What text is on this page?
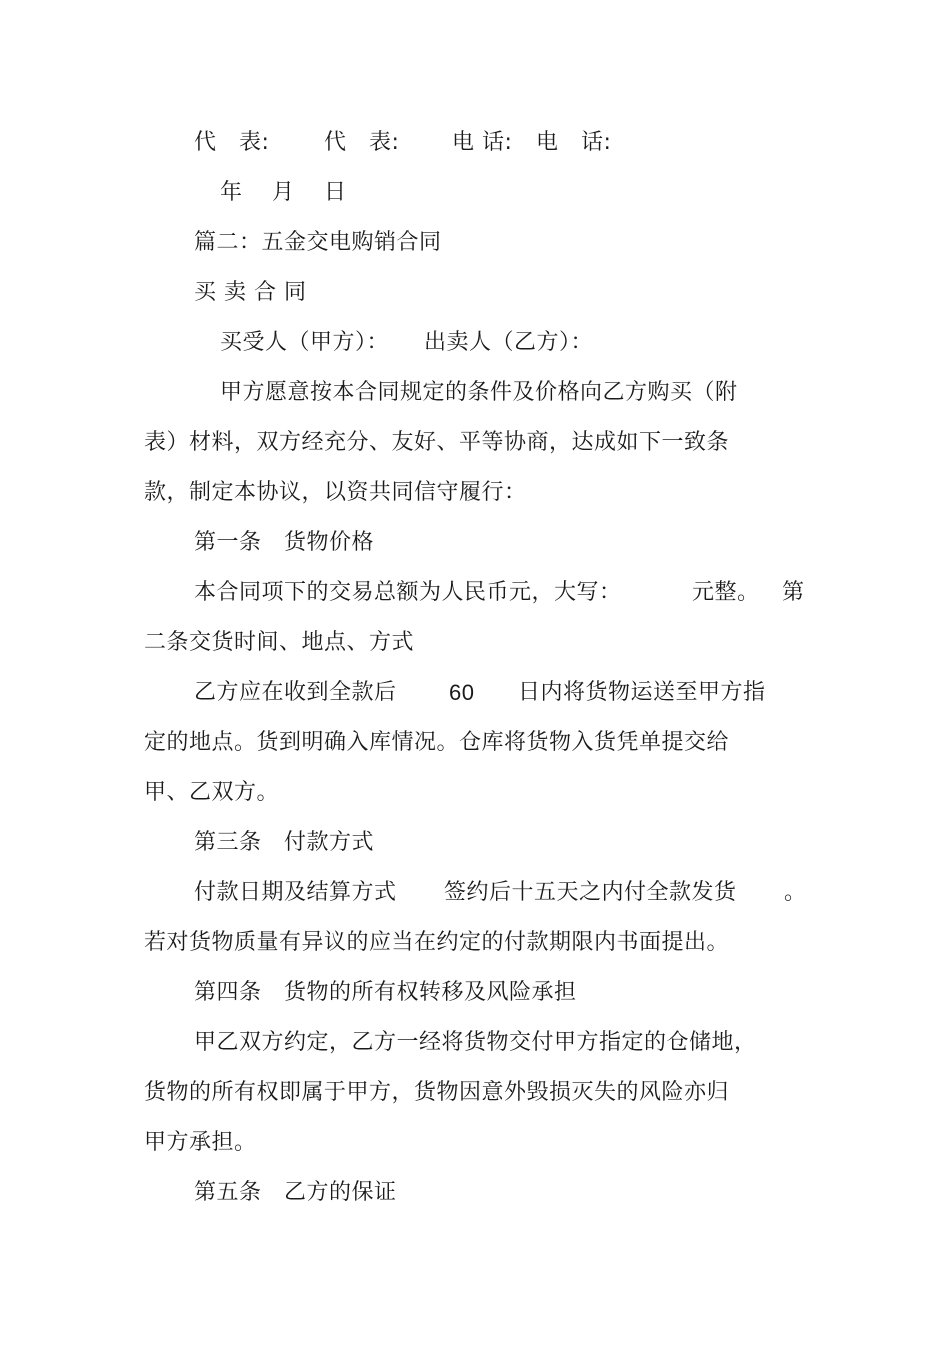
代　表: 代　表: 电 话: 电　话:
年 月 日
篇二：五金交电购销合同
买 卖 合 同
买受人（甲方）： 出卖人（乙方）：
甲方愿意按本合同规定的条件及价格向乙方购买（附
表）材料，双方经充分、友好、平等协商，达成如下一致条
款，制定本协议，以资共同信守履行：
第一条　货物价格
本合同项下的交易总额为人民币元，大写：	元整。 第
二条交货时间、地点、方式
乙方应在收到全款后 60 日内将货物运送至甲方指
定的地点。货到明确入库情况。仓库将货物入货凭单提交给
甲、乙双方。
第三条　付款方式
付款日期及结算方式 签约后十五天之内付全款发货 。
若对货物质量有异议的应当在约定的付款期限内书面提出。
第四条　货物的所有权转移及风险承担
甲乙双方约定，乙方一经将货物交付甲方指定的仓储地，
货物的所有权即属于甲方，货物因意外毁损灭失的风险亦归
甲方承担。
第五条　乙方的保证
